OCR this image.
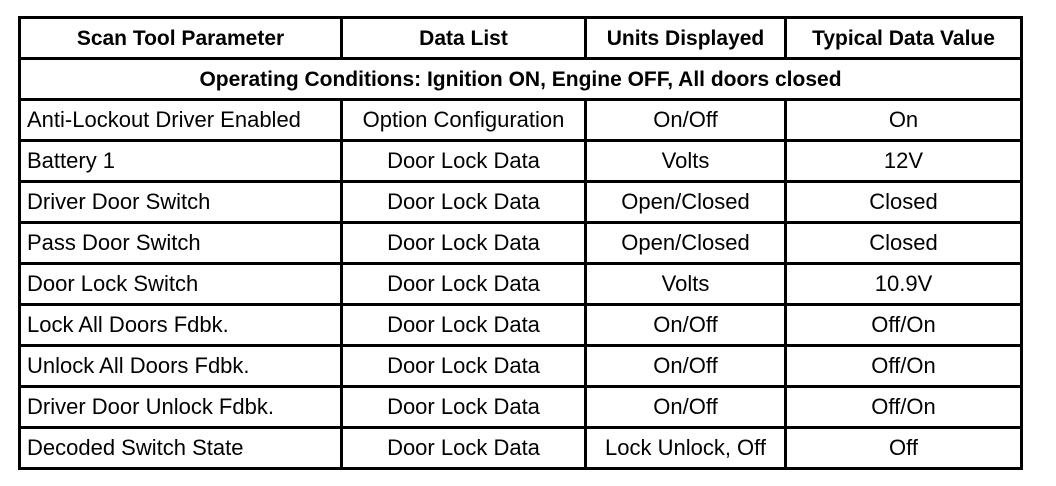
Scan Tool Parameter	Data List	Units Displayed	Typical Data Value
Operating Conditions: Ignition ON, Engine OFF, All doors closed			
Anti-Lockout Driver Enabled	Option Configuration	On/Off	On
Battery 1	Door Lock Data	Volts	12V
Driver Door Switch	Door Lock Data	Open/Closed	Closed
Pass Door Switch	Door Lock Data	Open/Closed	Closed
Door Lock Switch	Door Lock Data	Volts	10.9V
Lock All Doors Fdbk.	Door Lock Data	On/Off	Off/On
Unlock All Doors Fdbk.	Door Lock Data	On/Off	Off/On
Driver Door Unlock Fdbk.	Door Lock Data	On/Off	Off/On
Decoded Switch State	Door Lock Data	Lock Unlock, Off	Off
